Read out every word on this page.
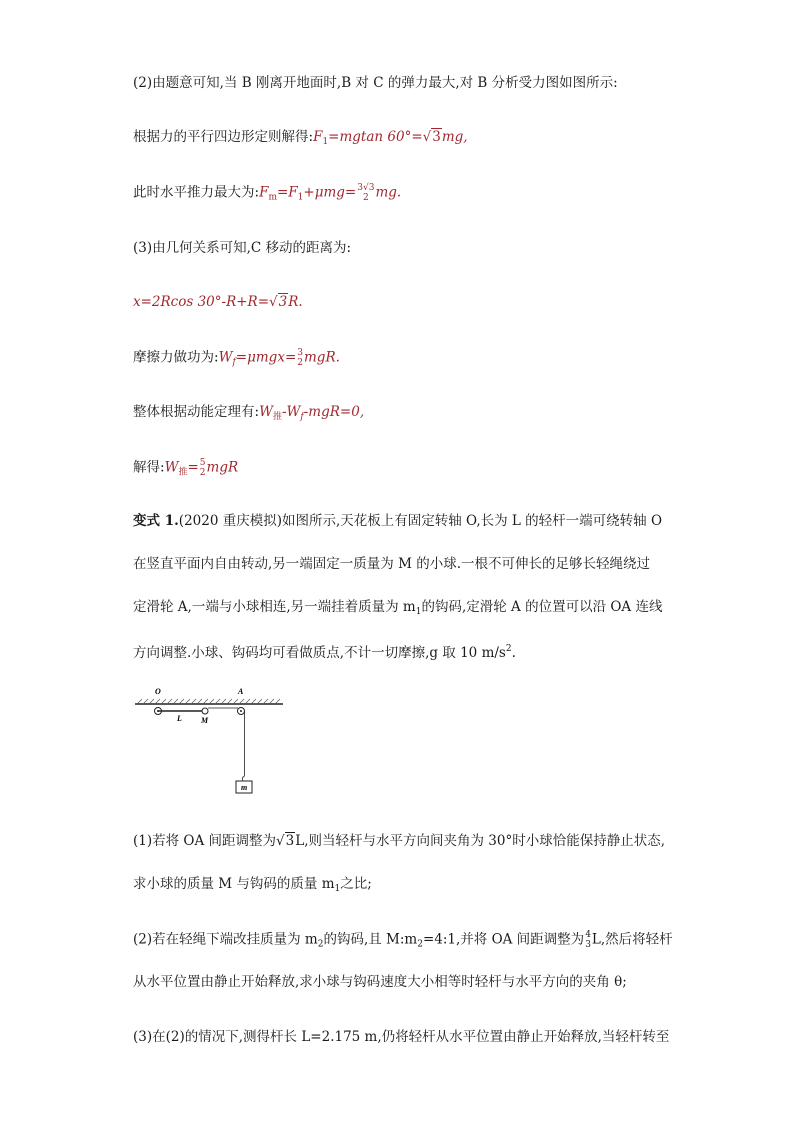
(2)由题意可知,当 B 刚离开地面时,B 对 C 的弹力最大,对 B 分析受力图如图所示:
根据力的平行四边形定则解得$:F_1=mgtan$ 60°=√3mg,
此时水平推力最大为$:F_m=F_1+\mu mg= 3√3$
2 mg.
(3)由几何关系可知,C 移动的距离为:
x=2Rcos 30°-R+R=√3R.
摩擦力做功为$:W_f=\mu mgx= 3$
2 mgR.
整体根据动能定理有$:W_推-W_f-mgR=0$,
解得$:W_推= 5$
2 mgR
变式 1.(2020 重庆模拟)如图所示,天花板上有固定转轴 O,长为 L 的轻杆一端可绕转轴 O
在竖直平面内自由转动,另一端固定一质量为 M 的小球.一根不可伸长的足够长轻绳绕过
定滑轮 A,一端与小球相连,另一端挂着质量为 $m_1$的钩码,定滑轮 A 的位置可以沿 OA 连线
方向调整.小球、钩码均可看做质点,不计一切摩擦,g 取 10 $m/s^2$.
O	A
L M
m
(1)若将 OA 间距调整为√3L,则当轻杆与水平方向间夹角为 30°时小球恰能保持静止状态,
求小球的质量 M 与钩码的质量 $m_1$之比;
(2)若在轻绳下端改挂质量为 $m_2$的钩码,且 $M:m_2=4:1$,并将 OA 间距调整为 4
3 L,然后将轻杆
从水平位置由静止开始释放,求小球与钩码速度大小相等时轻杆与水平方向的夹角 θ;
(3)在(2)的情况下,测得杆长 L=2.175 m,仍将轻杆从水平位置由静止开始释放,当轻杆转至
